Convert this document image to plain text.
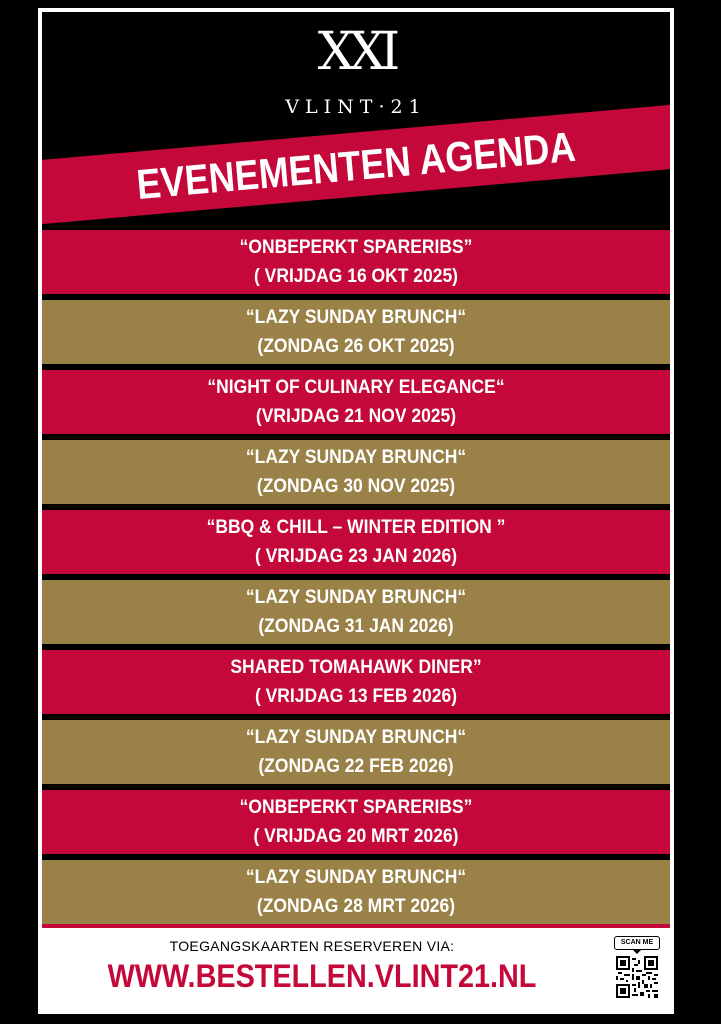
XXI
VLINT·21
EVENEMENTEN AGENDA
“ONBEPERKT SPARERIBS”
( VRIJDAG 16 OKT 2025)
“LAZY SUNDAY BRUNCH“
(ZONDAG 26 OKT 2025)
“NIGHT OF CULINARY ELEGANCE“
(VRIJDAG 21 NOV 2025)
“LAZY SUNDAY BRUNCH“
(ZONDAG 30 NOV 2025)
“BBQ & CHILL – WINTER EDITION ”
( VRIJDAG 23 JAN 2026)
“LAZY SUNDAY BRUNCH“
(ZONDAG 31 JAN 2026)
SHARED TOMAHAWK DINER”
( VRIJDAG 13 FEB 2026)
“LAZY SUNDAY BRUNCH“
(ZONDAG 22 FEB 2026)
“ONBEPERKT SPARERIBS”
( VRIJDAG 20 MRT 2026)
“LAZY SUNDAY BRUNCH“
(ZONDAG 28 MRT 2026)
TOEGANGSKAARTEN RESERVEREN VIA:
WWW.BESTELLEN.VLINT21.NL
SCAN ME
